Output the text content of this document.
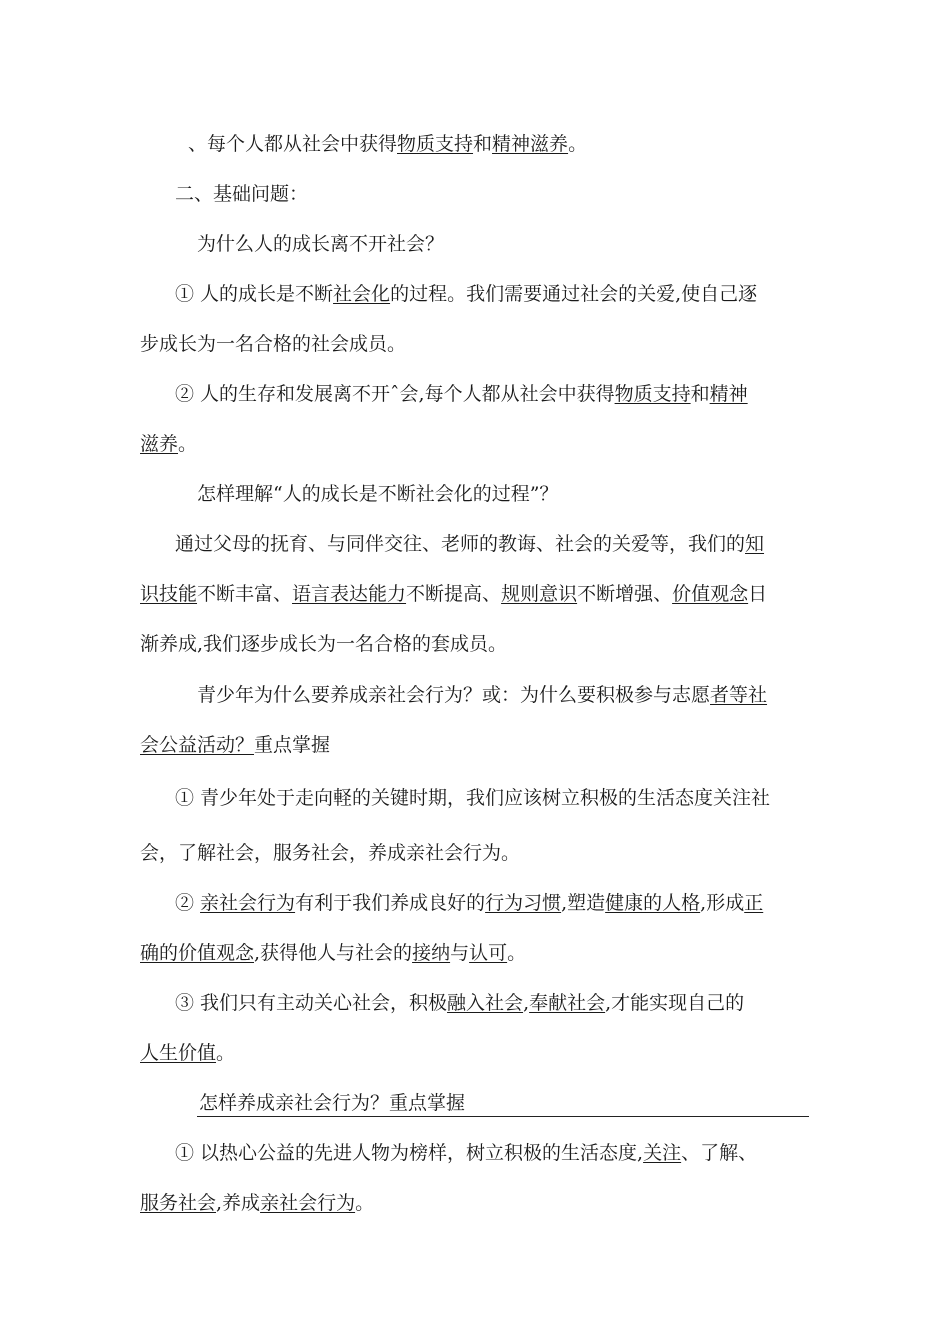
、每个人都从社会中获得物质支持和精神滋养。
二、基础问题：
为什么人的成长离不开社会？
① 人的成长是不断社会化的过程。我们需要通过社会的关爱,使自己逐
步成长为一名合格的社会成员。
② 人的生存和发展离不开ˆ会,每个人都从社会中获得物质支持和精神
滋养。
怎样理解“人的成长是不断社会化的过程”？
通过父母的抚育、与同伴交往、老师的教诲、社会的关爱等，我们的知
识技能不断丰富、语言表达能力不断提高、规则意识不断增强、价值观念日
渐养成,我们逐步成长为一名合格的套成员。
青少年为什么要养成亲社会行为？或：为什么要积极参与志愿者等社
会公益活动？重点掌握
① 青少年处于走向軽的关键时期，我们应该树立积极的生活态度关注社
会，了解社会，服务社会，养成亲社会行为。
② 亲社会行为有利于我们养成良好的行为习惯,塑造健康的人格,形成正
确的价值观念,获得他人与社会的接纳与认可。
③ 我们只有主动关心社会，积极融入社会,奉献社会,才能实现自己的
人生价值。
怎样养成亲社会行为？重点掌握
① 以热心公益的先进人物为榜样，树立积极的生活态度,关注、了解、
服务社会,养成亲社会行为。
